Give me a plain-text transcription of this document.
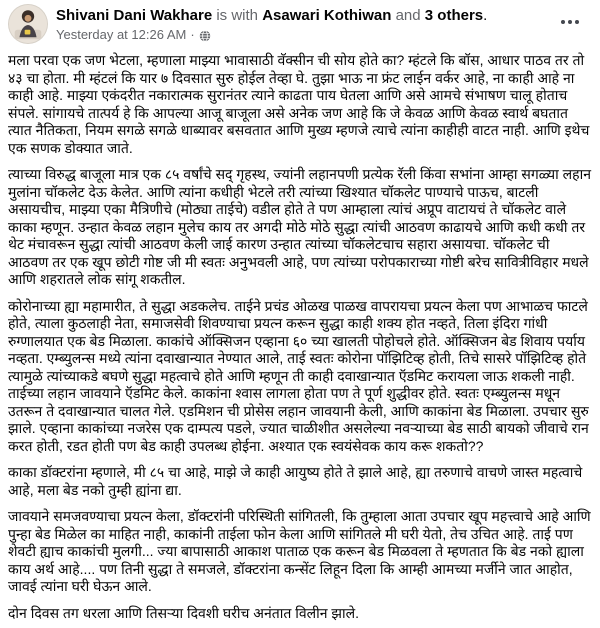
Shivani Dani Wakhare is with Asawari Kothiwan and 3 others.
Yesterday at 12:26 AM ·

मला परवा एक जण भेटला, म्हणाला माझ्या भावासाठी वॅक्सीन ची सोय होते का? म्हंटले कि बॉस, आधार पाठव तर तो ४३ चा होता. मी म्हंटलं कि यार ७ दिवसात सुरु होईल तेव्हा घे. तुझा भाऊ ना फ्रंट लाईन वर्कर आहे, ना काही आहे ना काही आहे. माझ्या एकंदरीत नकारात्मक सुरानंतर त्याने काढता पाय घेतला आणि असे आमचे संभाषण चालू होताच संपले. सांगायचे तात्पर्य हे कि आपल्या आजू बाजूला असे अनेक जण आहे कि जे केवळ आणि केवळ स्वार्थ बघतात त्यात नैतिकता, नियम सगळे सगळे धाब्यावर बसवतात आणि मुख्य म्हणजे त्याचे त्यांना काहीही वाटत नाही. आणि इथेच एक सणक डोक्यात जाते.

त्याच्या विरुद्ध बाजूला मात्र एक ८५ वर्षांचे सद् गृहस्थ, ज्यांनी लहानपणी प्रत्येक रॅली किंवा सभांना आम्हा सगळ्या लहान मुलांना चॉकलेट देऊ केलेत. आणि त्यांना कधीही भेटले तरी त्यांच्या खिश्यात चॉकलेट पाण्याचे पाऊच, बाटली असायचीच, माझ्या एका मैत्रिणीचे (मोठ्या ताईचे) वडील होते ते पण आम्हाला त्यांचं अप्रूप वाटायचं ते चॉकलेट वाले काका म्हणून. उन्हात केवळ लहान मुलेच काय तर अगदी मोठे मोठे सुद्धा त्यांची आठवण काढायचे आणि कधी कधी तर थेट मंचावरून सुद्धा त्यांची आठवण केली जाई कारण उन्हात त्यांच्या चॉकलेटचाच सहारा असायचा. चॉकलेट ची आठवण तर एक खूप छोटी गोष्ट जी मी स्वतः अनुभवली आहे, पण त्यांच्या परोपकाराच्या गोष्टी बरेच सावित्रीविहार मधले आणि शहरातले लोक सांगू शकतील.

कोरोनाच्या ह्या महामारीत, ते सुद्धा अडकलेच. ताईने प्रचंड ओळख पाळख वापरायचा प्रयत्न केला पण आभाळच फाटले होते, त्याला कुठलाही नेता, समाजसेवी शिवण्याचा प्रयत्न करून सुद्धा काही शक्य होत नव्हते, तिला इंदिरा गांधी रुग्णालयात एक बेड मिळाला. काकांचे ऑक्सिजन एव्हाना ६० च्या खालती पोहोचले होते. ऑक्सिजन बेड शिवाय पर्याय नव्हता. एम्ब्युलन्स मध्ये त्यांना दवाखान्यात नेण्यात आले, ताई स्वतः कोरोना पॉझिटिव्ह होती, तिचे सासरे पॉझिटिव्ह होते त्यामुळे त्यांच्याकडे बघणे सुद्धा महत्वाचे होते आणि म्हणून ती काही दवाखान्यात ऍडमिट करायला जाऊ शकली नाही. ताईच्या लहान जावयाने ऍडमिट केले. काकांना श्वास लागला होता पण ते पूर्ण शुद्धीवर होते. स्वतः एम्ब्युलन्स मधून उतरून ते दवाखान्यात चालत गेले. एडमिशन ची प्रोसेस लहान जावयानी केली, आणि काकांना बेड मिळाला. उपचार सुरु झाले. एव्हाना काकांच्या नजरेस एक दाम्पत्य पडले, ज्यात चाळीशीत असलेल्या नवऱ्याच्या बेड साठी बायको जीवाचे रान करत होती, रडत होती पण बेड काही उपलब्ध होईना. अश्यात एक स्वयंसेवक काय करू शकतो??

काका डॉक्टरांना म्हणाले, मी ८५ चा आहे, माझे जे काही आयुष्य होते ते झाले आहे, ह्या तरुणाचे वाचणे जास्त महत्वाचे आहे, मला बेड नको तुम्ही ह्यांना द्या.

जावयाने समजवण्याचा प्रयत्न केला, डॉक्टरांनी परिस्थिती सांगितली, कि तुम्हाला आता उपचार खूप महत्त्वाचे आहे आणि पुन्हा बेड मिळेल का माहित नाही, काकांनी ताईला फोन केला आणि सांगितले मी घरी येतो, तेच उचित आहे. ताई पण शेवटी ह्याच काकांची मुलगी... ज्या बापासाठी आकाश पाताळ एक करून बेड मिळवला ते म्हणतात कि बेड नको ह्याला काय अर्थ आहे.... पण तिनी सुद्धा ते समजले, डॉक्टरांना कन्सेंट लिहून दिला कि आम्ही आमच्या मर्जीने जात आहोत, जावई त्यांना घरी घेऊन आले.

दोन दिवस तग धरला आणि तिसऱ्या दिवशी घरीच अनंतात विलीन झाले.
